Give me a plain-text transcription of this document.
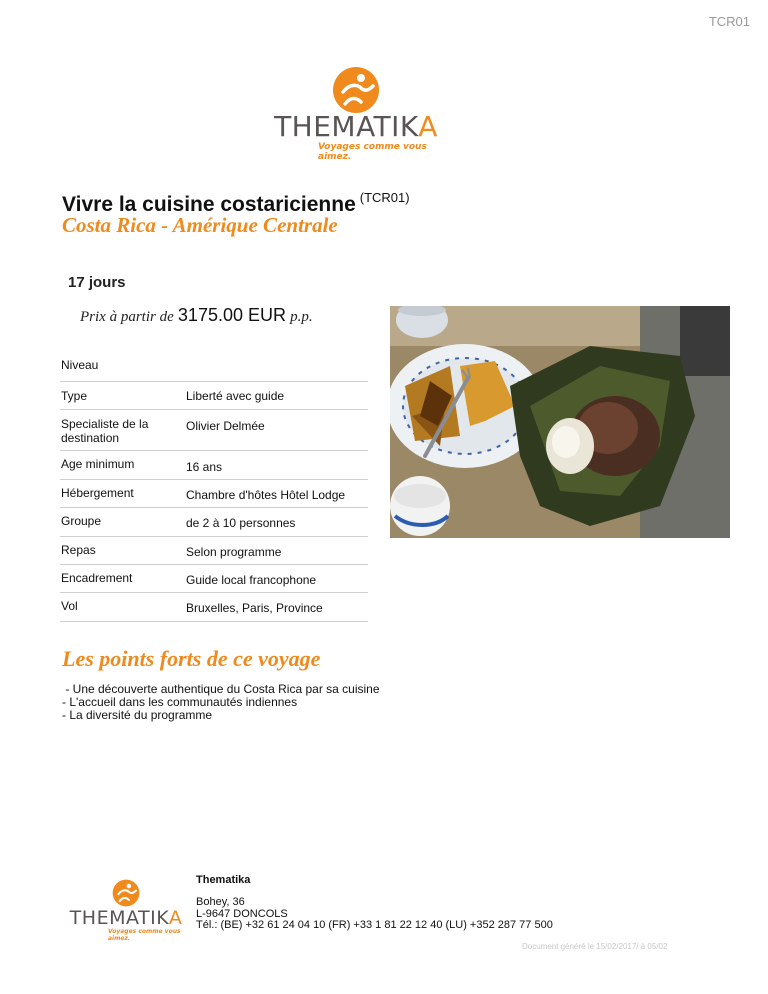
TCR01
THEMATIKA
Voyages comme vous aimez.
Vivre la cuisine costaricienne $^{(TCR01)}$
Costa Rica - Amérique Centrale
17 jours
Prix à partir de 3175.00 EUR p.p.
Niveau	
Type	Liberté avec guide
Specialiste de la destination	Olivier Delmée
Age minimum	16 ans
Hébergement	Chambre d'hôtes Hôtel Lodge
Groupe	de 2 à 10 personnes
Repas	Selon programme
Encadrement	Guide local francophone
Vol	Bruxelles, Paris, Province
Les points forts de ce voyage
- Une découverte authentique du Costa Rica par sa cuisine
- L'accueil dans les communautés indiennes
- La diversité du programme
THEMATIKA
Voyages comme vous aimez.
Thematika
Bohey, 36
L-9647 DONCOLS
Tél.: (BE) +32 61 24 04 10 (FR) +33 1 81 22 12 40 (LU) +352 287 77 500
Document généré le 15/02/2017/ à 05/02
